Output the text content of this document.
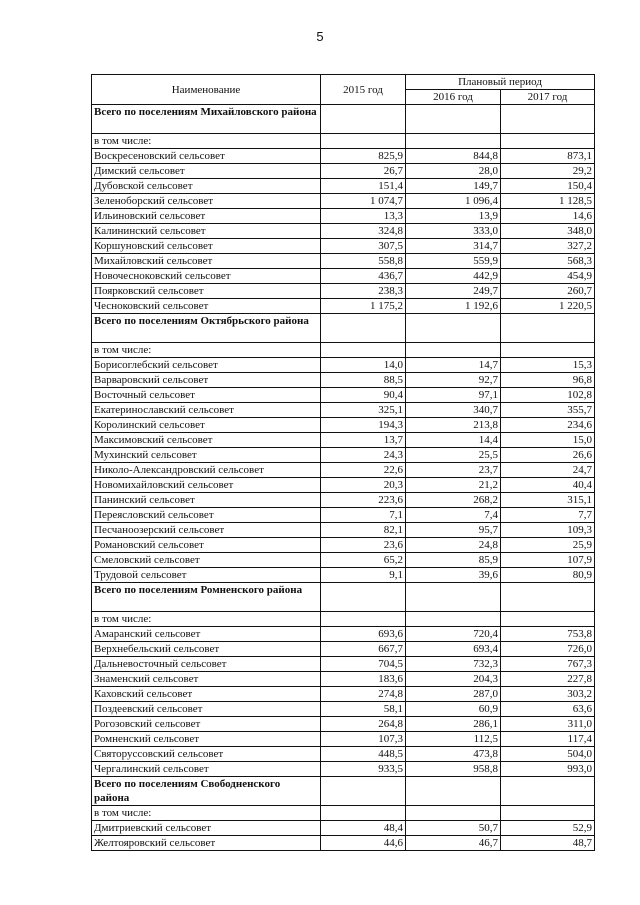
5
Наименование	2015 год	Плановый период	
		2016 год	2017 год
Всего по поселениям Михайловского района			
в том числе:			
Воскресеновский сельсовет	825,9	844,8	873,1
Димский сельсовет	26,7	28,0	29,2
Дубовской сельсовет	151,4	149,7	150,4
Зеленоборский сельсовет	1 074,7	1 096,4	1 128,5
Ильиновский сельсовет	13,3	13,9	14,6
Калининский сельсовет	324,8	333,0	348,0
Коршуновский сельсовет	307,5	314,7	327,2
Михайловский сельсовет	558,8	559,9	568,3
Новочесноковский сельсовет	436,7	442,9	454,9
Поярковский сельсовет	238,3	249,7	260,7
Чесноковский сельсовет	1 175,2	1 192,6	1 220,5
Всего по поселениям Октябрьского района			
в том числе:			
Борисоглебский сельсовет	14,0	14,7	15,3
Варваровский сельсовет	88,5	92,7	96,8
Восточный сельсовет	90,4	97,1	102,8
Екатеринославский сельсовет	325,1	340,7	355,7
Королинский сельсовет	194,3	213,8	234,6
Максимовский сельсовет	13,7	14,4	15,0
Мухинский сельсовет	24,3	25,5	26,6
Николо-Александровский сельсовет	22,6	23,7	24,7
Новомихайловский сельсовет	20,3	21,2	40,4
Панинский сельсовет	223,6	268,2	315,1
Переясловский сельсовет	7,1	7,4	7,7
Песчаноозерский сельсовет	82,1	95,7	109,3
Романовский сельсовет	23,6	24,8	25,9
Смеловский сельсовет	65,2	85,9	107,9
Трудовой сельсовет	9,1	39,6	80,9
Всего по поселениям Ромненского района			
в том числе:			
Амаранский сельсовет	693,6	720,4	753,8
Верхнебельский сельсовет	667,7	693,4	726,0
Дальневосточный сельсовет	704,5	732,3	767,3
Знаменский сельсовет	183,6	204,3	227,8
Каховский сельсовет	274,8	287,0	303,2
Поздеевский сельсовет	58,1	60,9	63,6
Рогозовский сельсовет	264,8	286,1	311,0
Ромненский сельсовет	107,3	112,5	117,4
Святоруссовский сельсовет	448,5	473,8	504,0
Чергалинский сельсовет	933,5	958,8	993,0
Всего по поселениям Свободненского района			
в том числе:			
Дмитриевский сельсовет	48,4	50,7	52,9
Желтояровский сельсовет	44,6	46,7	48,7
